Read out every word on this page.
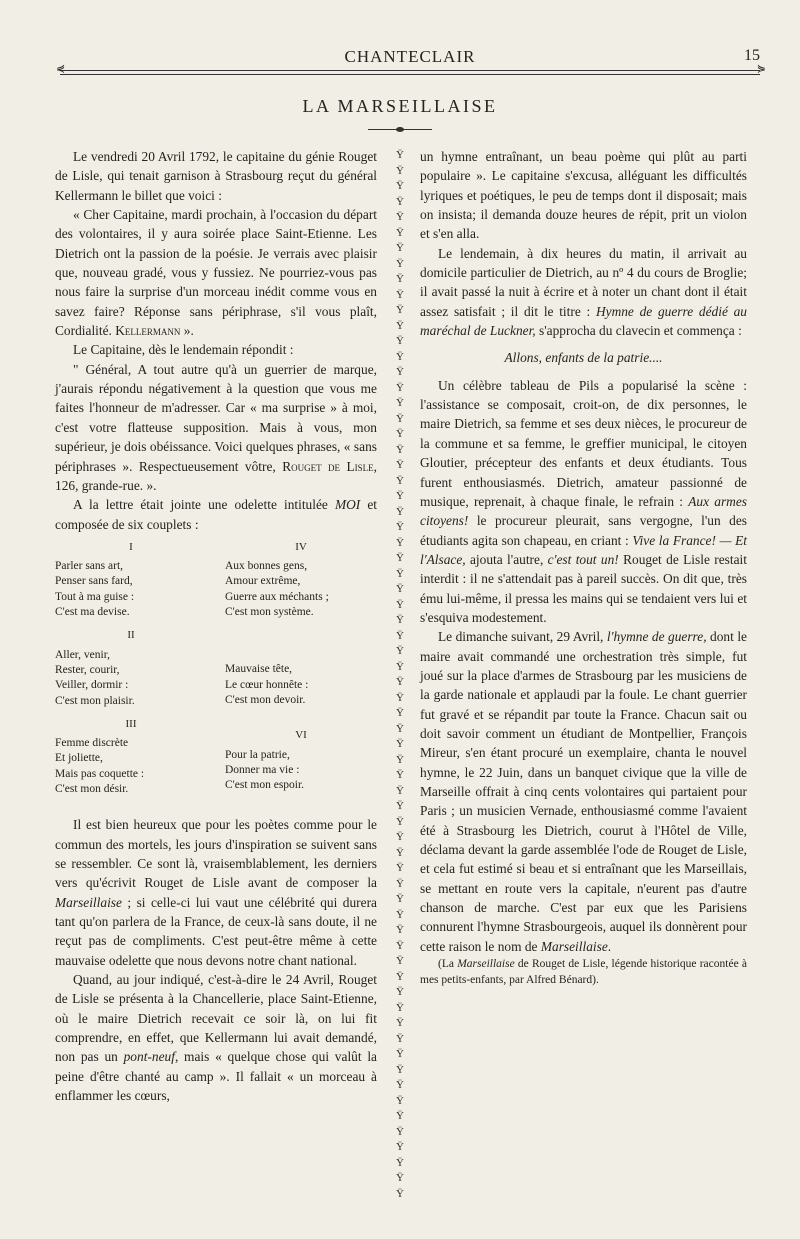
CHANTECLAIR	15
⋞	⋟
LA MARSEILLAISE

Le vendredi 20 Avril 1792, le capitaine du génie Rouget de Lisle, qui tenait garnison à Strasbourg reçut du général Kellermann le billet que voici :

« Cher Capitaine, mardi prochain, à l'occasion du départ des volontaires, il y aura soirée place Saint-Etienne. Les Dietrich ont la passion de la poésie. Je verrais avec plaisir que, nouveau gradé, vous y fussiez. Ne pourriez-vous pas nous faire la surprise d'un morceau inédit comme vous en savez faire? Réponse sans périphrase, s'il vous plaît, Cordialité. Kellermann ».

Le Capitaine, dès le lendemain répondit :

" Général, A tout autre qu'à un guerrier de marque, j'aurais répondu négativement à la question que vous me faites l'honneur de m'adresser. Car « ma surprise » à moi, c'est votre flatteuse supposition. Mais à vous, mon supérieur, je dois obéissance. Voici quelques phrases, « sans périphrases ». Respectueusement vôtre, Rouget de Lisle, 126, grande-rue. ».

A la lettre était jointe une odelette intitulée MOI et composée de six couplets :

I
Parler sans art,
Penser sans fard,
Tout à ma guise :
C'est ma devise.
II
Aller, venir,
Rester, courir,
Veiller, dormir :
C'est mon plaisir.
III
Femme discrète
Et joliette,
Mais pas coquette :
C'est mon désir.
IV
Aux bonnes gens,
Amour extrême,
Guerre aux méchants ;
C'est mon système.
Mauvaise tête,
Le cœur honnête :
C'est mon devoir.
VI
Pour la patrie,
Donner ma vie :
C'est mon espoir.

Il est bien heureux que pour les poètes comme pour le commun des mortels, les jours d'inspiration se suivent sans se ressembler. Ce sont là, vraisemblablement, les derniers vers qu'écrivit Rouget de Lisle avant de composer la Marseillaise ; si celle-ci lui vaut une célébrité qui durera tant qu'on parlera de la France, de ceux-là sans doute, il ne reçut pas de compliments. C'est peut-être même à cette mauvaise odelette que nous devons notre chant national.

Quand, au jour indiqué, c'est-à-dire le 24 Avril, Rouget de Lisle se présenta à la Chancellerie, place Saint-Etienne, où le maire Dietrich recevait ce soir là, on lui fit comprendre, en effet, que Kellermann lui avait demandé, non pas un pont-neuf, mais « quelque chose qui valût la peine d'être chanté au camp ». Il fallait « un morceau à enflammer les cœurs,

Ϋ
Ϋ
Ϋ
Ϋ
Ϋ
Ϋ
Ϋ
Ϋ
Ϋ
Ϋ
Ϋ
Ϋ
Ϋ
Ϋ
Ϋ
Ϋ
Ϋ
Ϋ
Ϋ
Ϋ
Ϋ
Ϋ
Ϋ
Ϋ
Ϋ
Ϋ
Ϋ
Ϋ
Ϋ
Ϋ
Ϋ
Ϋ
Ϋ
Ϋ
Ϋ
Ϋ
Ϋ
Ϋ
Ϋ
Ϋ
Ϋ
Ϋ
Ϋ
Ϋ
Ϋ
Ϋ
Ϋ
Ϋ
Ϋ
Ϋ
Ϋ
Ϋ
Ϋ
Ϋ
Ϋ
Ϋ
Ϋ
Ϋ
Ϋ
Ϋ
Ϋ
Ϋ
Ϋ
Ϋ
Ϋ
Ϋ
Ϋ
Ϋ

un hymne entraînant, un beau poème qui plût au parti populaire ». Le capitaine s'excusa, alléguant les difficultés lyriques et poétiques, le peu de temps dont il disposait; mais on insista; il demanda douze heures de répit, prit un violon et s'en alla.

Le lendemain, à dix heures du matin, il arrivait au domicile particulier de Dietrich, au nº 4 du cours de Broglie; il avait passé la nuit à écrire et à noter un chant dont il était assez satisfait ; il dit le titre : Hymne de guerre dédié au maréchal de Luckner, s'approcha du clavecin et commença :

Allons, enfants de la patrie....

Un célèbre tableau de Pils a popularisé la scène : l'assistance se composait, croit-on, de dix personnes, le maire Dietrich, sa femme et ses deux nièces, le procureur de la commune et sa femme, le greffier municipal, le citoyen Gloutier, précepteur des enfants et deux étudiants. Tous furent enthousiasmés. Dietrich, amateur passionné de musique, reprenait, à chaque finale, le refrain : Aux armes citoyens! le procureur pleurait, sans vergogne, l'un des étudiants agita son chapeau, en criant : Vive la France! — Et l'Alsace, ajouta l'autre, c'est tout un! Rouget de Lisle restait interdit : il ne s'attendait pas à pareil succès. On dit que, très ému lui-même, il pressa les mains qui se tendaient vers lui et s'esquiva modestement.

Le dimanche suivant, 29 Avril, l'hymne de guerre, dont le maire avait commandé une orchestration très simple, fut joué sur la place d'armes de Strasbourg par les musiciens de la garde nationale et applaudi par la foule. Le chant guerrier fut gravé et se répandit par toute la France. Chacun sait ou doit savoir comment un étudiant de Montpellier, François Mireur, s'en étant procuré un exemplaire, chanta le nouvel hymne, le 22 Juin, dans un banquet civique que la ville de Marseille offrait à cinq cents volontaires qui partaient pour Paris ; un musicien Vernade, enthousiasmé comme l'avaient été à Strasbourg les Dietrich, courut à l'Hôtel de Ville, déclama devant la garde assemblée l'ode de Rouget de Lisle, et cela fut estimé si beau et si entraînant que les Marseillais, se mettant en route vers la capitale, n'eurent pas d'autre chanson de marche. C'est par eux que les Parisiens connurent l'hymne Strasbourgeois, auquel ils donnèrent pour cette raison le nom de Marseillaise.

(La Marseillaise de Rouget de Lisle, légende historique racontée à mes petits-enfants, par Alfred Bénard).
